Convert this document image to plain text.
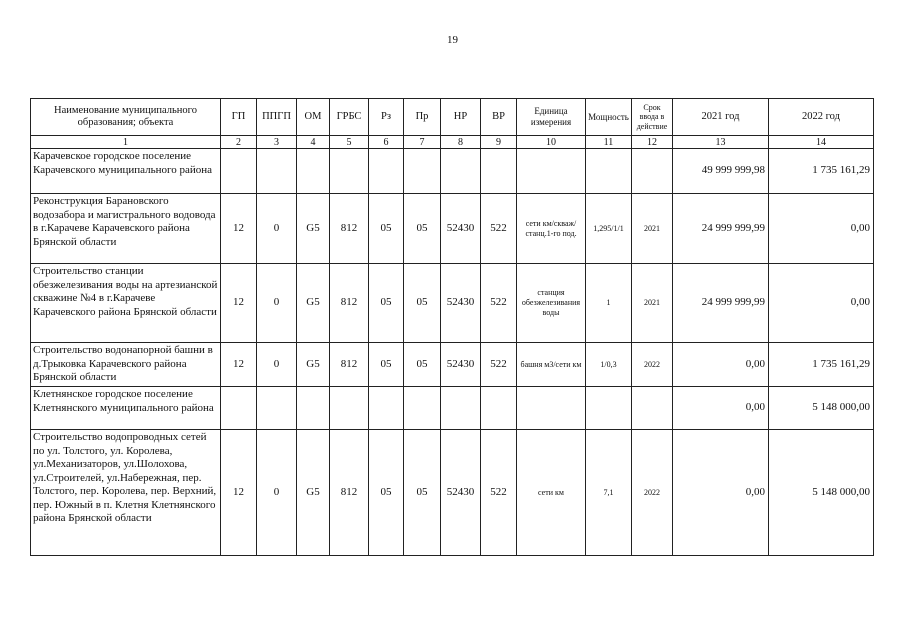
19
Наименование муниципального образования; объекта	ГП	ППГП	ОМ	ГРБС	Рз	Пр	НР	ВР	Единица измерения	Мощность	Срок ввода в действие	2021 год	2022 год
1	2	3	4	5	6	7	8	9	10	11	12	13	14
Карачевское городское поселение Карачевского муниципального района												49 999 999,98	1 735 161,29
Реконструкция Барановского водозабора и магистрального водовода в г.Карачеве Карачевского района Брянской области	12	0	G5	812	05	05	52430	522	сети км/скваж/станц.1-го под.	1,295/1/1	2021	24 999 999,99	0,00
Строительство станции обезжелезивания воды на артезианской скважине №4 в г.Карачеве Карачевского района Брянской области	12	0	G5	812	05	05	52430	522	станция обезжелезивания воды	1	2021	24 999 999,99	0,00
Строительство водонапорной башни в д.Трыковка Карачевского района Брянской области	12	0	G5	812	05	05	52430	522	башня м3/сети км	1/0,3	2022	0,00	1 735 161,29
Клетнянское городское поселение Клетнянского муниципального района												0,00	5 148 000,00
Строительство водопроводных сетей по ул. Толстого, ул. Королева, ул.Механизаторов, ул.Шолохова, ул.Строителей, ул.Набережная, пер. Толстого, пер. Королева, пер. Верхний, пер. Южный в п. Клетня Клетнянского района Брянской области	12	0	G5	812	05	05	52430	522	сети км	7,1	2022	0,00	5 148 000,00
